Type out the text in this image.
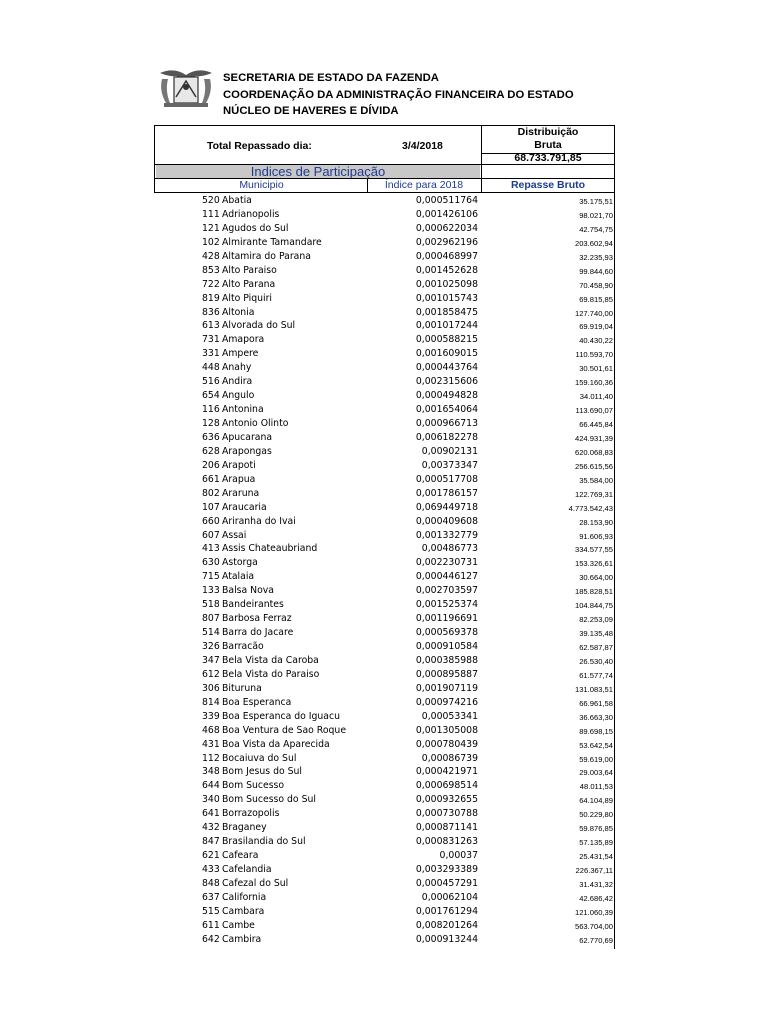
SECRETARIA DE ESTADO DA FAZENDA
COORDENAÇÃO DA ADMINISTRAÇÃO FINANCEIRA DO ESTADO
NÚCLEO DE HAVERES E DÍVIDA
Total Repassado dia:	3/4/2018
Distribuição
Bruta
68.733.791,85
Indices de Participação
Municipio	Índice para 2018	Repasse Bruto
520 Abatia	0,000511764	35.175,51
111 Adrianopolis	0,001426106	98.021,70
121 Agudos do Sul	0,000622034	42.754,75
102 Almirante Tamandare	0,002962196	203.602,94
428 Altamira do Parana	0,000468997	32.235,93
853 Alto Paraiso	0,001452628	99.844,60
722 Alto Parana	0,001025098	70.458,90
819 Alto Piquiri	0,001015743	69.815,85
836 Altonia	0,001858475	127.740,00
613 Alvorada do Sul	0,001017244	69.919,04
731 Amapora	0,000588215	40.430,22
331 Ampere	0,001609015	110.593,70
448 Anahy	0,000443764	30.501,61
516 Andira	0,002315606	159.160,36
654 Angulo	0,000494828	34.011,40
116 Antonina	0,001654064	113.690,07
128 Antonio Olinto	0,000966713	66.445,84
636 Apucarana	0,006182278	424.931,39
628 Arapongas	0,00902131	620.068,83
206 Arapoti	0,00373347	256.615,56
661 Arapua	0,000517708	35.584,00
802 Araruna	0,001786157	122.769,31
107 Araucaria	0,069449718	4.773.542,43
660 Ariranha do Ivai	0,000409608	28.153,90
607 Assai	0,001332779	91.606,93
413 Assis Chateaubriand	0,00486773	334.577,55
630 Astorga	0,002230731	153.326,61
715 Atalaia	0,000446127	30.664,00
133 Balsa Nova	0,002703597	185.828,51
518 Bandeirantes	0,001525374	104.844,75
807 Barbosa Ferraz	0,001196691	82.253,09
514 Barra do Jacare	0,000569378	39.135,48
326 Barracão	0,000910584	62.587,87
347 Bela Vista da Caroba	0,000385988	26.530,40
612 Bela Vista do Paraiso	0,000895887	61.577,74
306 Bituruna	0,001907119	131.083,51
814 Boa Esperanca	0,000974216	66.961,58
339 Boa Esperanca do Iguacu	0,00053341	36.663,30
468 Boa Ventura de Sao Roque	0,001305008	89.698,15
431 Boa Vista da Aparecida	0,000780439	53.642,54
112 Bocaiuva do Sul	0,00086739	59.619,00
348 Bom Jesus do Sul	0,000421971	29.003,64
644 Bom Sucesso	0,000698514	48.011,53
340 Bom Sucesso do Sul	0,000932655	64.104,89
641 Borrazopolis	0,000730788	50.229,80
432 Braganey	0,000871141	59.876,85
847 Brasilandia do Sul	0,000831263	57.135,89
621 Cafeara	0,00037	25.431,54
433 Cafelandia	0,003293389	226.367,11
848 Cafezal do Sul	0,000457291	31.431,32
637 California	0,00062104	42.686,42
515 Cambara	0,001761294	121.060,39
611 Cambe	0,008201264	563.704,00
642 Cambira	0,000913244	62.770,69
